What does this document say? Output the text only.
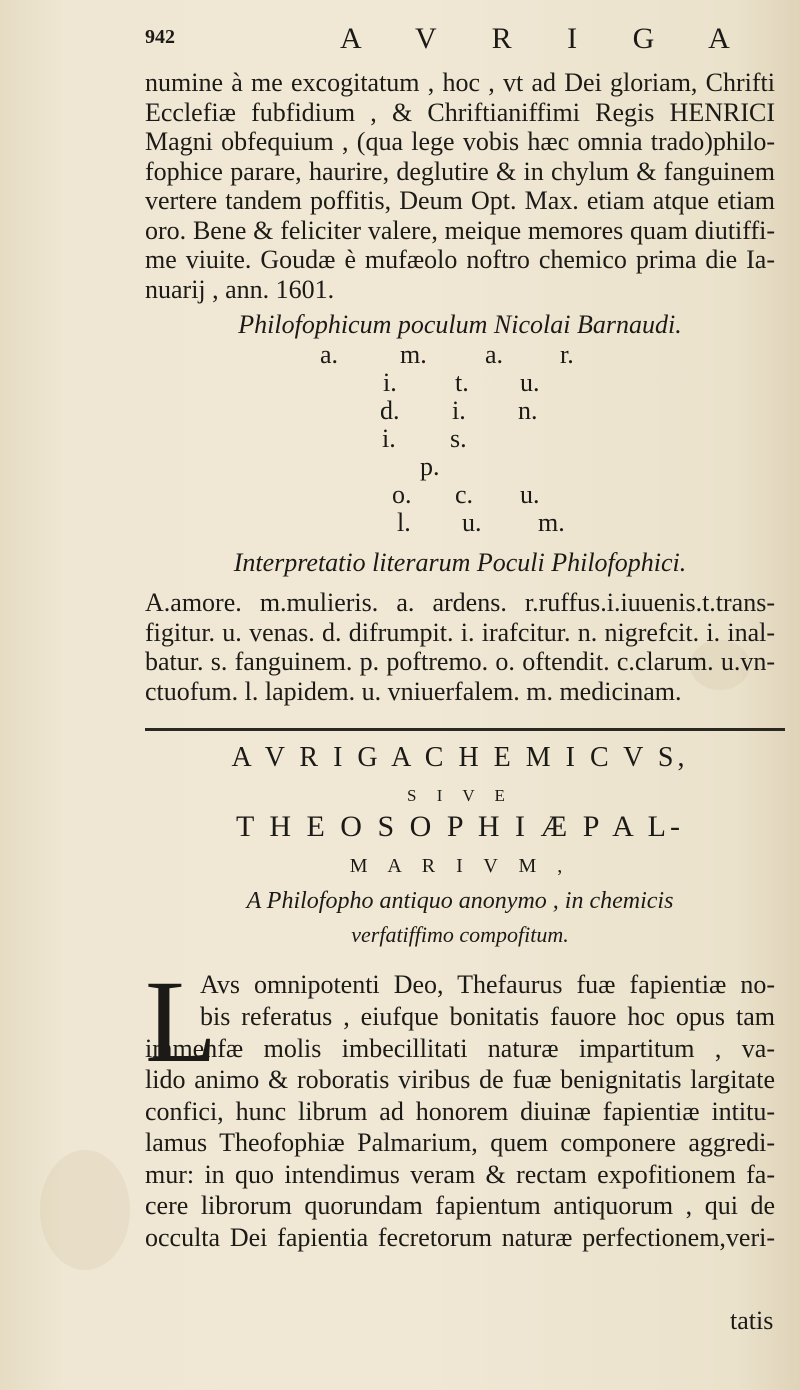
942	A V R I G A
numine à me excogitatum , hoc , vt ad Dei gloriam, Chrifti
Ecclefiæ fubfidium , & Chriftianiffimi Regis HENRICI
Magni obfequium , (qua lege vobis hæc omnia trado)philo-
fophice parare, haurire, deglutire & in chylum & fanguinem
vertere tandem poffitis, Deum Opt. Max. etiam atque etiam
oro. Bene & feliciter valere, meique memores quam diutiffi-
me viuite. Goudæ è mufæolo noftro chemico prima die Ia-
nuarij , ann. 1601.
Philofophicum poculum Nicolai Barnaudi.
a. m. a. r.
i. t. u.
d. i. n.
i. s.
p.
o. c. u.
l. u. m.
Interpretatio literarum Poculi Philofophici.
A.amore. m.mulieris. a. ardens. r.ruffus.i.iuuenis.t.trans-
figitur. u. venas. d. difrumpit. i. irafcitur. n. nigrefcit. i. inal-
batur. s. fanguinem. p. poftremo. o. oftendit. c.clarum. u.vn-
ctuofum. l. lapidem. u. vniuerfalem. m. medicinam.
A V R I G A C H E M I C V S,
S I V E
T H E O S O P H I Æ P A L-
M A R I V M ,
A Philofopho antiquo anonymo , in chemicis
verfatiffimo compofitum.
L
Avs omnipotenti Deo, Thefaurus fuæ fapientiæ no-
bis referatus , eiufque bonitatis fauore hoc opus tam
immenfæ molis imbecillitati naturæ impartitum , va-
lido animo & roboratis viribus de fuæ benignitatis largitate
confici, hunc librum ad honorem diuinæ fapientiæ intitu-
lamus Theofophiæ Palmarium, quem componere aggredi-
mur: in quo intendimus veram & rectam expofitionem fa-
cere librorum quorundam fapientum antiquorum , qui de
occulta Dei fapientia fecretorum naturæ perfectionem,veri-
tatis
